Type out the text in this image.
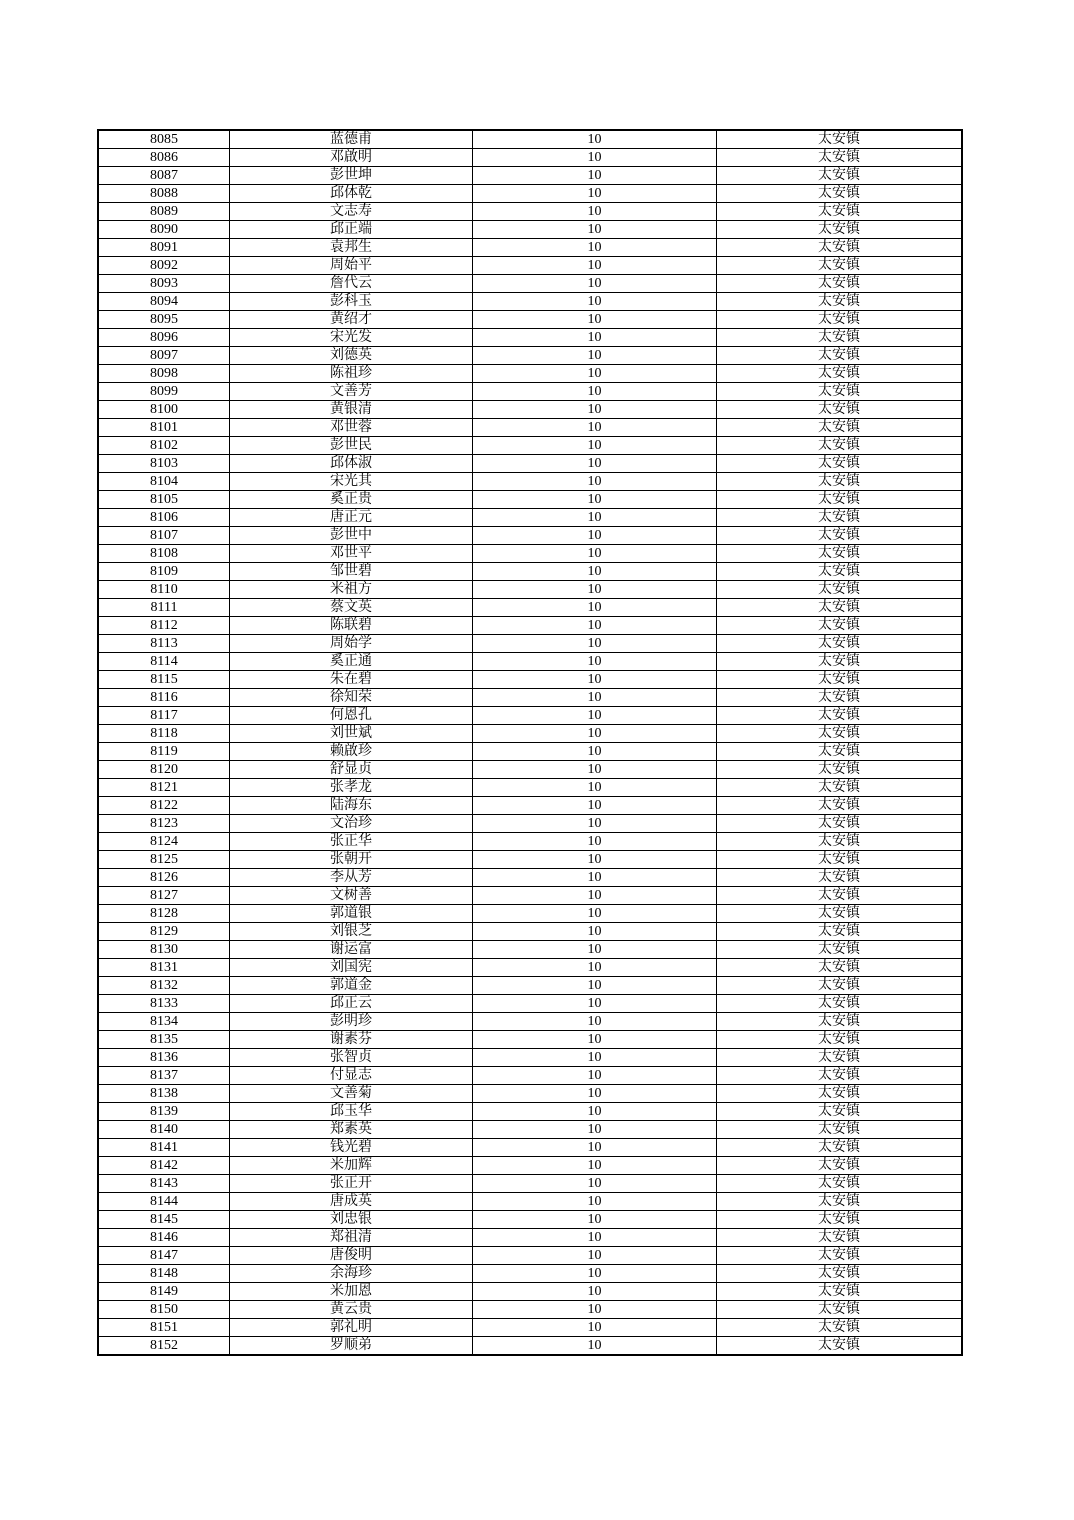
8085	蓝德甫	10	太安镇
8086	邓啟明	10	太安镇
8087	彭世坤	10	太安镇
8088	邱体乾	10	太安镇
8089	文志寿	10	太安镇
8090	邱正端	10	太安镇
8091	袁邦生	10	太安镇
8092	周始平	10	太安镇
8093	詹代云	10	太安镇
8094	彭科玉	10	太安镇
8095	黄绍才	10	太安镇
8096	宋光发	10	太安镇
8097	刘德英	10	太安镇
8098	陈祖珍	10	太安镇
8099	文善芳	10	太安镇
8100	黄银清	10	太安镇
8101	邓世蓉	10	太安镇
8102	彭世民	10	太安镇
8103	邱体淑	10	太安镇
8104	宋光其	10	太安镇
8105	奚正贵	10	太安镇
8106	唐正元	10	太安镇
8107	彭世中	10	太安镇
8108	邓世平	10	太安镇
8109	邹世碧	10	太安镇
8110	米祖方	10	太安镇
8111	蔡文英	10	太安镇
8112	陈联碧	10	太安镇
8113	周始学	10	太安镇
8114	奚正通	10	太安镇
8115	朱在碧	10	太安镇
8116	徐知荣	10	太安镇
8117	何恩孔	10	太安镇
8118	刘世斌	10	太安镇
8119	赖啟珍	10	太安镇
8120	舒显贞	10	太安镇
8121	张孝龙	10	太安镇
8122	陆海东	10	太安镇
8123	文治珍	10	太安镇
8124	张正华	10	太安镇
8125	张朝开	10	太安镇
8126	李从芳	10	太安镇
8127	文树善	10	太安镇
8128	郭道银	10	太安镇
8129	刘银芝	10	太安镇
8130	谢运富	10	太安镇
8131	刘国宪	10	太安镇
8132	郭道金	10	太安镇
8133	邱正云	10	太安镇
8134	彭明珍	10	太安镇
8135	谢素芬	10	太安镇
8136	张智贞	10	太安镇
8137	付显志	10	太安镇
8138	文善菊	10	太安镇
8139	邱玉华	10	太安镇
8140	郑素英	10	太安镇
8141	钱光碧	10	太安镇
8142	米加辉	10	太安镇
8143	张正开	10	太安镇
8144	唐成英	10	太安镇
8145	刘忠银	10	太安镇
8146	郑祖清	10	太安镇
8147	唐俊明	10	太安镇
8148	余海珍	10	太安镇
8149	米加恩	10	太安镇
8150	黄云贵	10	太安镇
8151	郭礼明	10	太安镇
8152	罗顺弟	10	太安镇
